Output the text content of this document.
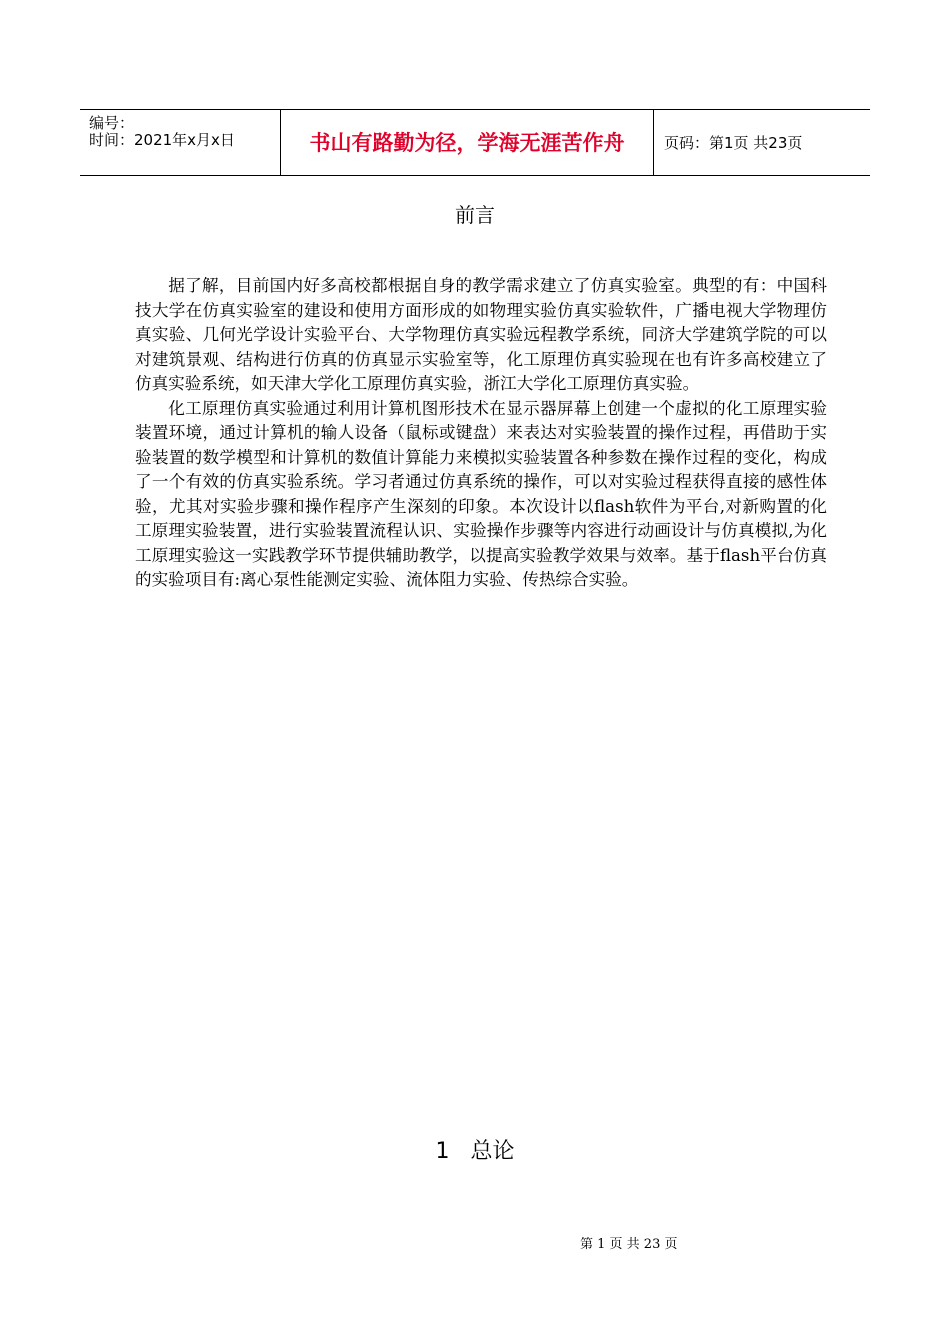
编号：
时间：2021年x月x日	书山有路勤为径，学海无涯苦作舟	页码：第1页 共23页
前言

据了解，目前国内好多高校都根据自身的教学需求建立了仿真实验室。典型的有：中国科技大学在仿真实验室的建设和使用方面形成的如物理实验仿真实验软件，广播电视大学物理仿真实验、几何光学设计实验平台、大学物理仿真实验远程教学系统，同济大学建筑学院的可以对建筑景观、结构进行仿真的仿真显示实验室等，化工原理仿真实验现在也有许多高校建立了仿真实验系统，如天津大学化工原理仿真实验，浙江大学化工原理仿真实验。

化工原理仿真实验通过利用计算机图形技术在显示器屏幕上创建一个虚拟的化工原理实验装置环境，通过计算机的输人设备（鼠标或键盘）来表达对实验装置的操作过程，再借助于实验装置的数学模型和计算机的数值计算能力来模拟实验装置各种参数在操作过程的变化，构成了一个有效的仿真实验系统。学习者通过仿真系统的操作，可以对实验过程获得直接的感性体验，尤其对实验步骤和操作程序产生深刻的印象。本次设计以flash软件为平台,对新购置的化工原理实验装置，进行实验装置流程认识、实验操作步骤等内容进行动画设计与仿真模拟,为化工原理实验这一实践教学环节提供辅助教学，以提高实验教学效果与效率。基于flash平台仿真的实验项目有:离心泵性能测定实验、流体阻力实验、传热综合实验。

1   总论
第 1 页 共 23 页
